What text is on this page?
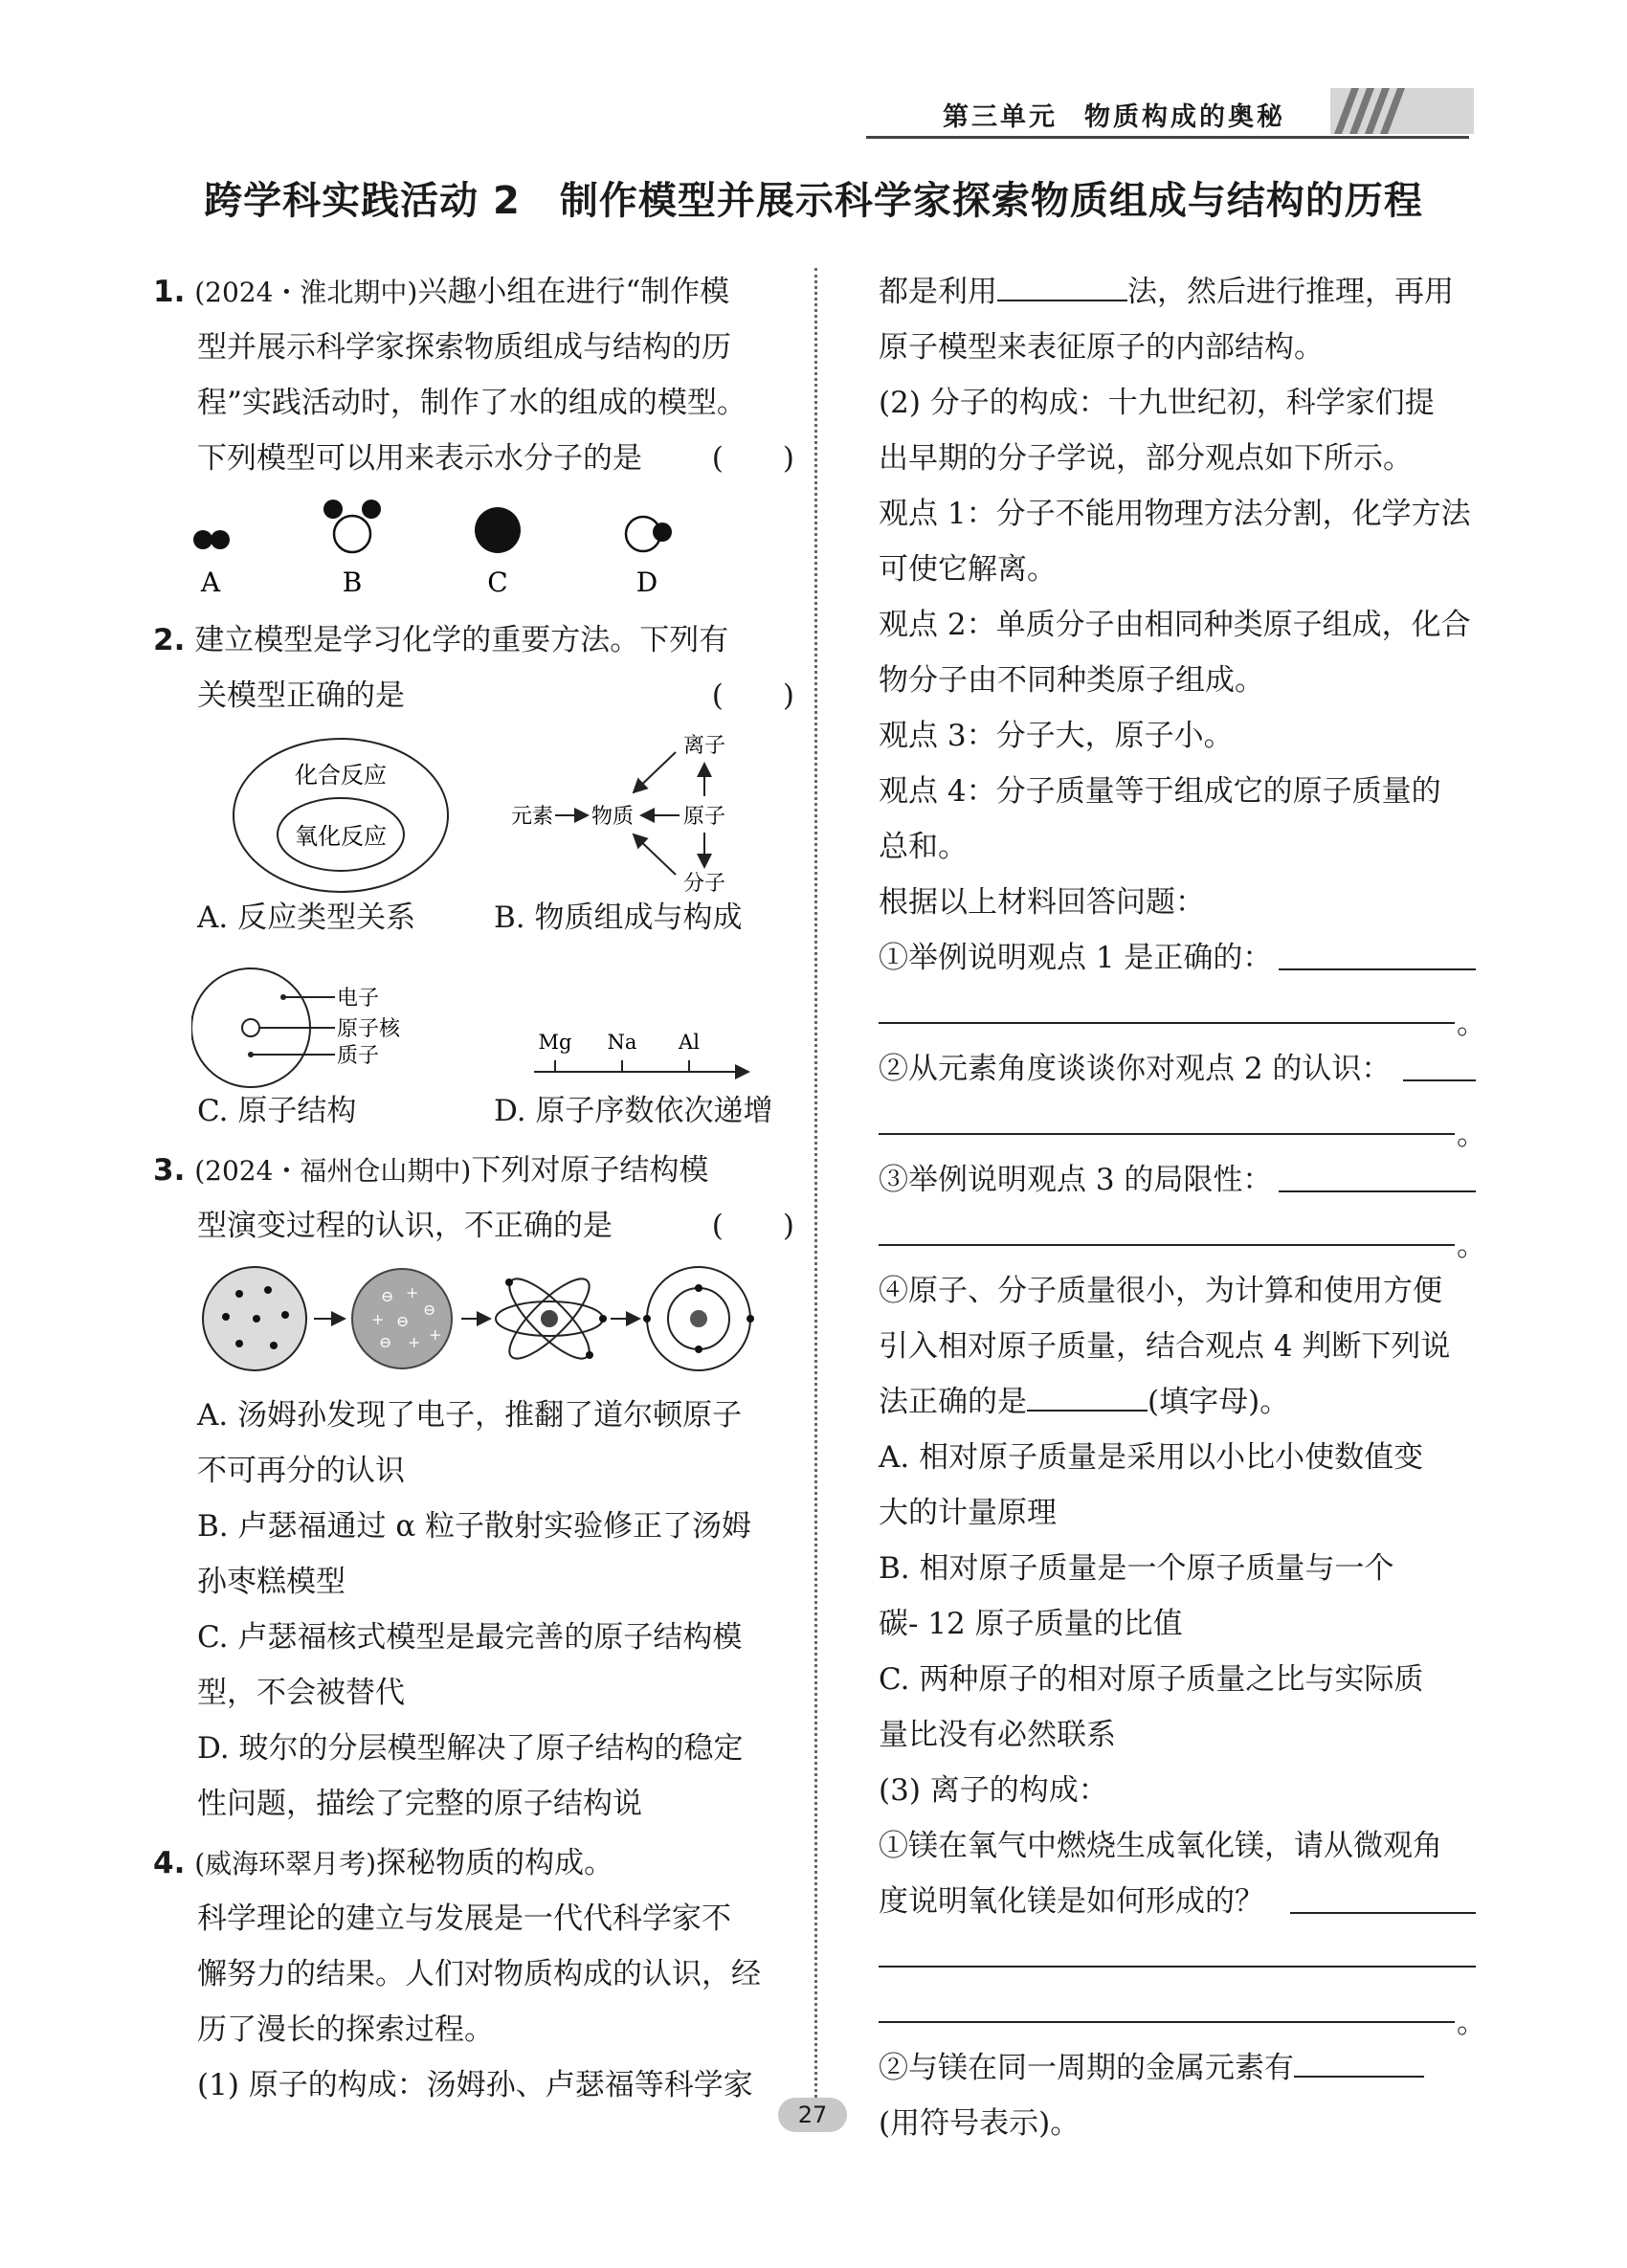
第三单元 物质构成的奥秘
跨学科实践活动 2　制作模型并展示科学家探索物质组成与结构的历程
1. (2024・淮北期中)兴趣小组在进行“制作模
型并展示科学家探索物质组成与结构的历
程”实践活动时，制作了水的组成的模型。
下列模型可以用来表示水分子的是 (　　)
A	B	C	D
2. 建立模型是学习化学的重要方法。下列有
关模型正确的是	(　　)
化合反应
氧化反应
元素 物质 原子
离子
分子
A. 反应类型关系	B. 物质组成与构成
电子
原子核
质子
Mg Na Al
C. 原子结构	D. 原子序数依次递增
3. (2024・福州仓山期中)下列对原子结构模
型演变过程的认识，不正确的是	(　　)
⊖ +
⊖
+ ⊖
⊖ + +
A. 汤姆孙发现了电子，推翻了道尔顿原子
不可再分的认识
B. 卢瑟福通过 α 粒子散射实验修正了汤姆
孙枣糕模型
C. 卢瑟福核式模型是最完善的原子结构模
型，不会被替代
D. 玻尔的分层模型解决了原子结构的稳定
性问题，描绘了完整的原子结构说
4. (威海环翠月考)探秘物质的构成。
科学理论的建立与发展是一代代科学家不
懈努力的结果。人们对物质构成的认识，经
历了漫长的探索过程。
(1) 原子的构成：汤姆孙、卢瑟福等科学家
都是利用	法，然后进行推理，再用
原子模型来表征原子的内部结构。
(2) 分子的构成：十九世纪初，科学家们提
出早期的分子学说，部分观点如下所示。
观点 1：分子不能用物理方法分割，化学方法
可使它解离。
观点 2：单质分子由相同种类原子组成，化合
物分子由不同种类原子组成。
观点 3：分子大，原子小。
观点 4：分子质量等于组成它的原子质量的
总和。
根据以上材料回答问题：
①举例说明观点 1 是正确的：
。
②从元素角度谈谈你对观点 2 的认识：
。
③举例说明观点 3 的局限性：
。
④原子、分子质量很小，为计算和使用方便
引入相对原子质量，结合观点 4 判断下列说
法正确的是	(填字母)。
A. 相对原子质量是采用以小比小使数值变
大的计量原理
B. 相对原子质量是一个原子质量与一个
碳- 12 原子质量的比值
C. 两种原子的相对原子质量之比与实际质
量比没有必然联系
(3) 离子的构成：
①镁在氧气中燃烧生成氧化镁，请从微观角
度说明氧化镁是如何形成的？
。
②与镁在同一周期的金属元素有
(用符号表示)。
27
